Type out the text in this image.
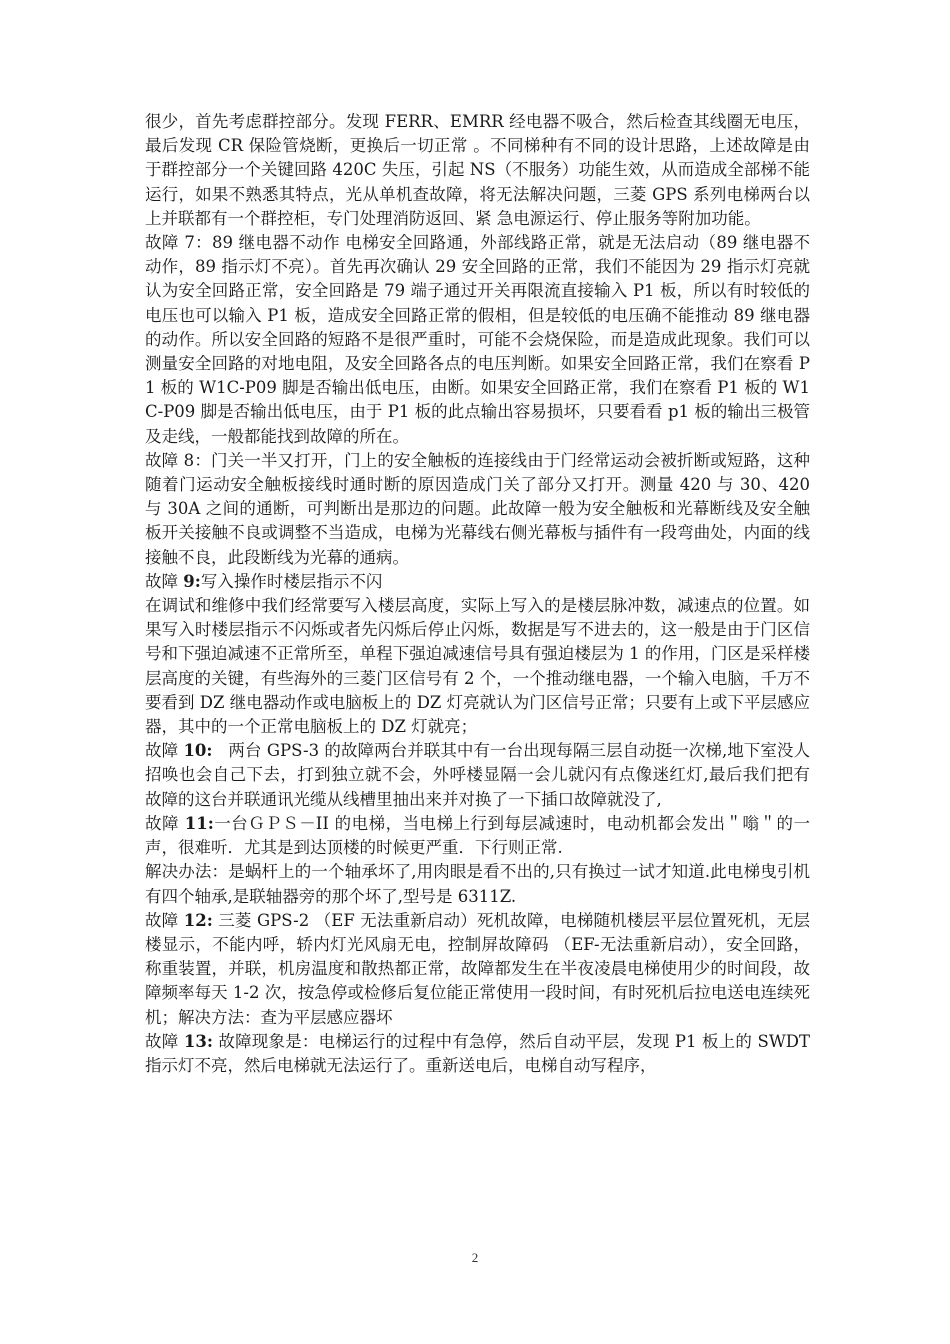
很少，首先考虑群控部分。发现 FERR、EMRR 经电器不吸合，然后检查其线圈无电压，最后发现 CR 保险管烧断，更换后一切正常 。不同梯种有不同的设计思路，上述故障是由于群控部分一个关键回路 420C 失压，引起 NS（不服务）功能生效，从而造成全部梯不能运行，如果不熟悉其特点，光从单机查故障，将无法解决问题，三菱 GPS 系列电梯两台以上并联都有一个群控柜，专门处理消防返回、紧 急电源运行、停止服务等附加功能。

故障 7：89 继电器不动作 电梯安全回路通，外部线路正常，就是无法启动（89 继电器不动作，89 指示灯不亮）。首先再次确认 29 安全回路的正常，我们不能因为 29 指示灯亮就认为安全回路正常，安全回路是 79 端子通过开关再限流直接输入 P1 板，所以有时较低的电压也可以输入 P1 板，造成安全回路正常的假相，但是较低的电压确不能推动 89 继电器的动作。所以安全回路的短路不是很严重时，可能不会烧保险，而是造成此现象。我们可以测量安全回路的对地电阻，及安全回路各点的电压判断。如果安全回路正常，我们在察看 P1 板的 W1C-P09 脚是否输出低电压，由断。如果安全回路正常，我们在察看 P1 板的 W1C-P09 脚是否输出低电压，由于 P1 板的此点输出容易损坏，只要看看 p1 板的输出三极管及走线，一般都能找到故障的所在。

故障 8：门关一半又打开，门上的安全触板的连接线由于门经常运动会被折断或短路，这种随着门运动安全触板接线时通时断的原因造成门关了部分又打开。测量 420 与 30、420 与 30A 之间的通断，可判断出是那边的问题。此故障一般为安全触板和光幕断线及安全触板开关接触不良或调整不当造成，电梯为光幕线右侧光幕板与插件有一段弯曲处，内面的线接触不良，此段断线为光幕的通病。

故障 9:写入操作时楼层指示不闪

在调试和维修中我们经常要写入楼层高度，实际上写入的是楼层脉冲数，减速点的位置。如果写入时楼层指示不闪烁或者先闪烁后停止闪烁，数据是写不进去的，这一般是由于门区信号和下强迫减速不正常所至，单程下强迫减速信号具有强迫楼层为 1 的作用，门区是采样楼层高度的关键，有些海外的三菱门区信号有 2 个，一个推动继电器，一个输入电脑，千万不要看到 DZ 继电器动作或电脑板上的 DZ 灯亮就认为门区信号正常；只要有上或下平层感应器，其中的一个正常电脑板上的 DZ 灯就亮；

故障 10:   两台 GPS-3 的故障两台并联其中有一台出现每隔三层自动挺一次梯,地下室没人招唤也会自己下去，打到独立就不会，外呼楼显隔一会儿就闪有点像迷红灯,最后我们把有故障的这台并联通讯光缆从线槽里抽出来并对换了一下插口故障就没了,

故障 11:一台ＧＰＳ－II 的电梯，当电梯上行到每层减速时，电动机都会发出＂嗡＂的一声，很难听．尤其是到达顶楼的时候更严重．下行则正常.

解决办法：是蜗杆上的一个轴承坏了,用肉眼是看不出的,只有换过一试才知道.此电梯曳引机有四个轴承,是联轴器旁的那个坏了,型号是 6311Z.

故障 12: 三菱 GPS-2 （EF 无法重新启动）死机故障，电梯随机楼层平层位置死机，无层楼显示，不能内呼，轿内灯光风扇无电，控制屏故障码 （EF-无法重新启动），安全回路，称重装置，并联，机房温度和散热都正常，故障都发生在半夜凌晨电梯使用少的时间段，故障频率每天 1-2 次，按急停或检修后复位能正常使用一段时间，有时死机后拉电送电连续死机；解决方法：查为平层感应器坏

故障 13: 故障现象是：电梯运行的过程中有急停，然后自动平层，发现 P1 板上的 SWDT 指示灯不亮，然后电梯就无法运行了。重新送电后，电梯自动写程序，

2
